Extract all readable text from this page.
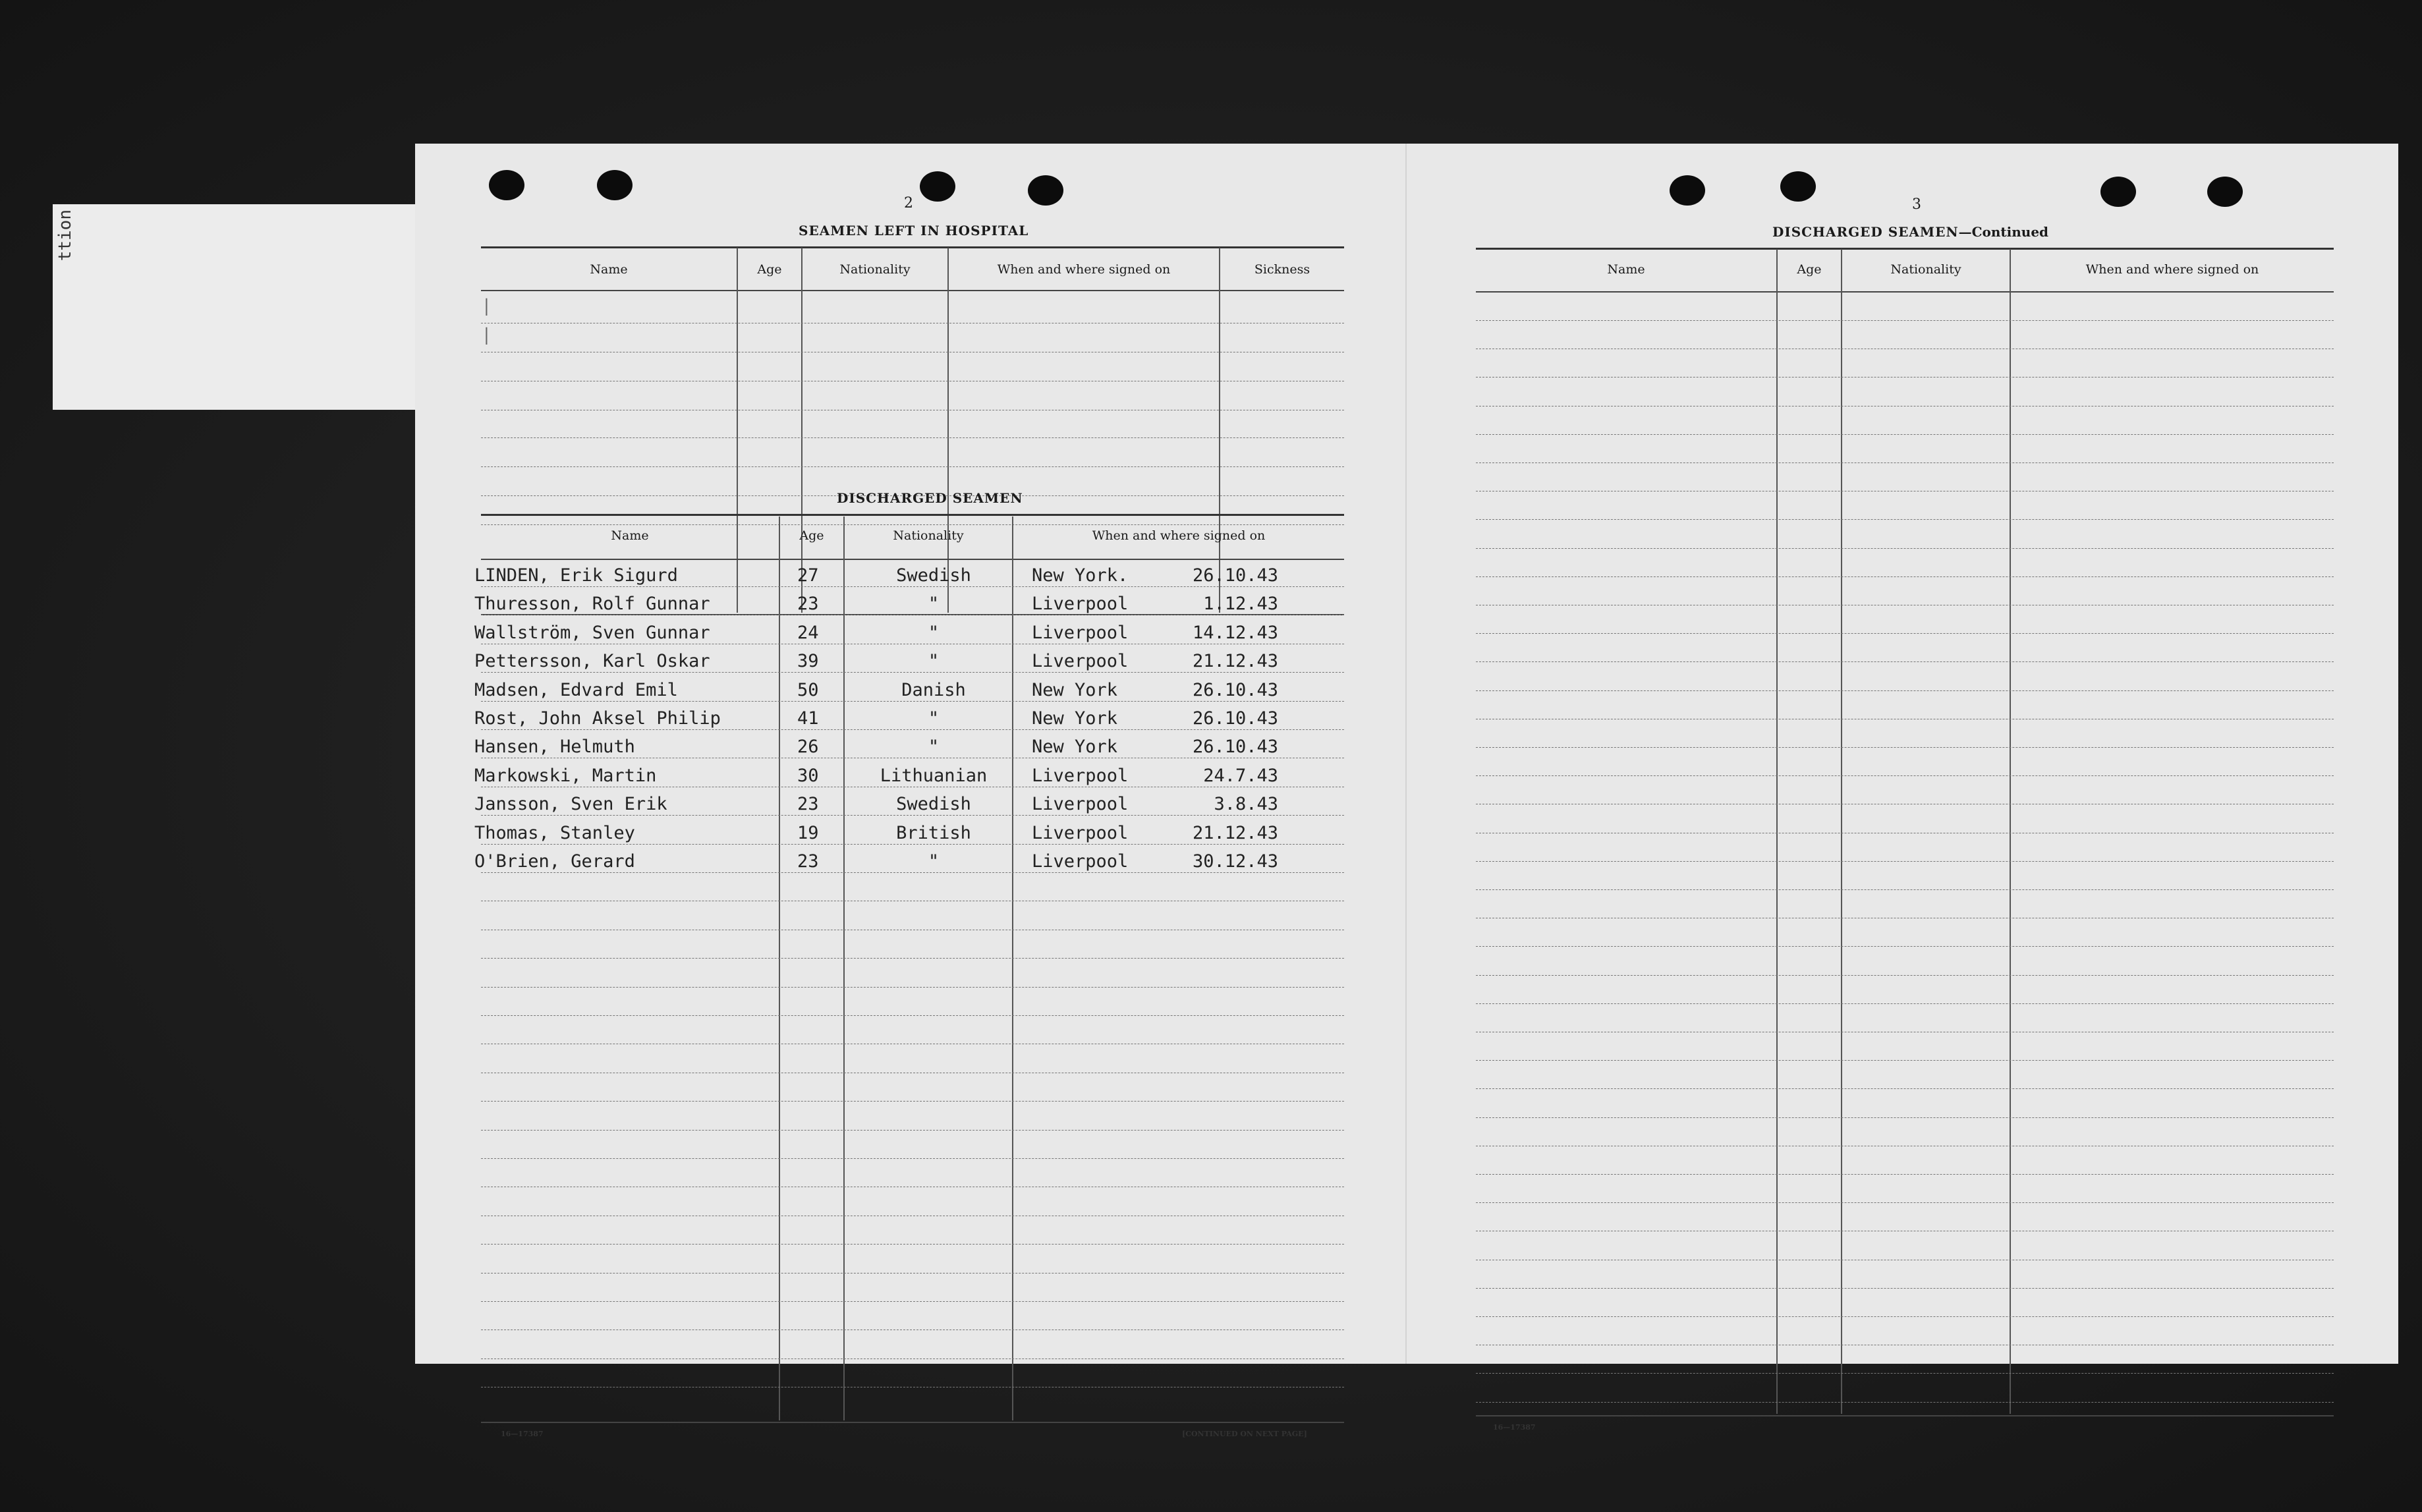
ttion
2
SEAMEN LEFT IN HOSPITAL
Name	Age	Nationality	When and where signed on	Sickness
DISCHARGED SEAMEN
Name	Age	Nationality	When and where signed on
LINDEN, Erik Sigurd	27	Swedish	New York.	26.10.43
Thuresson, Rolf Gunnar	23	"	Liverpool	1.12.43
Wallström, Sven Gunnar	24	"	Liverpool	14.12.43
Pettersson, Karl Oskar	39	"	Liverpool	21.12.43
Madsen, Edvard Emil	50	Danish	New York	26.10.43
Rost, John Aksel Philip	41	"	New York	26.10.43
Hansen, Helmuth	26	"	New York	26.10.43
Markowski, Martin	30	Lithuanian	Liverpool	24.7.43
Jansson, Sven Erik	23	Swedish	Liverpool	3.8.43
Thomas, Stanley	19	British	Liverpool	21.12.43
O'Brien, Gerard	23	"	Liverpool	30.12.43
16—17387	[CONTINUED ON NEXT PAGE]
3
DISCHARGED SEAMEN—Continued
Name	Age	Nationality	When and where signed on
16—17387
|
|
